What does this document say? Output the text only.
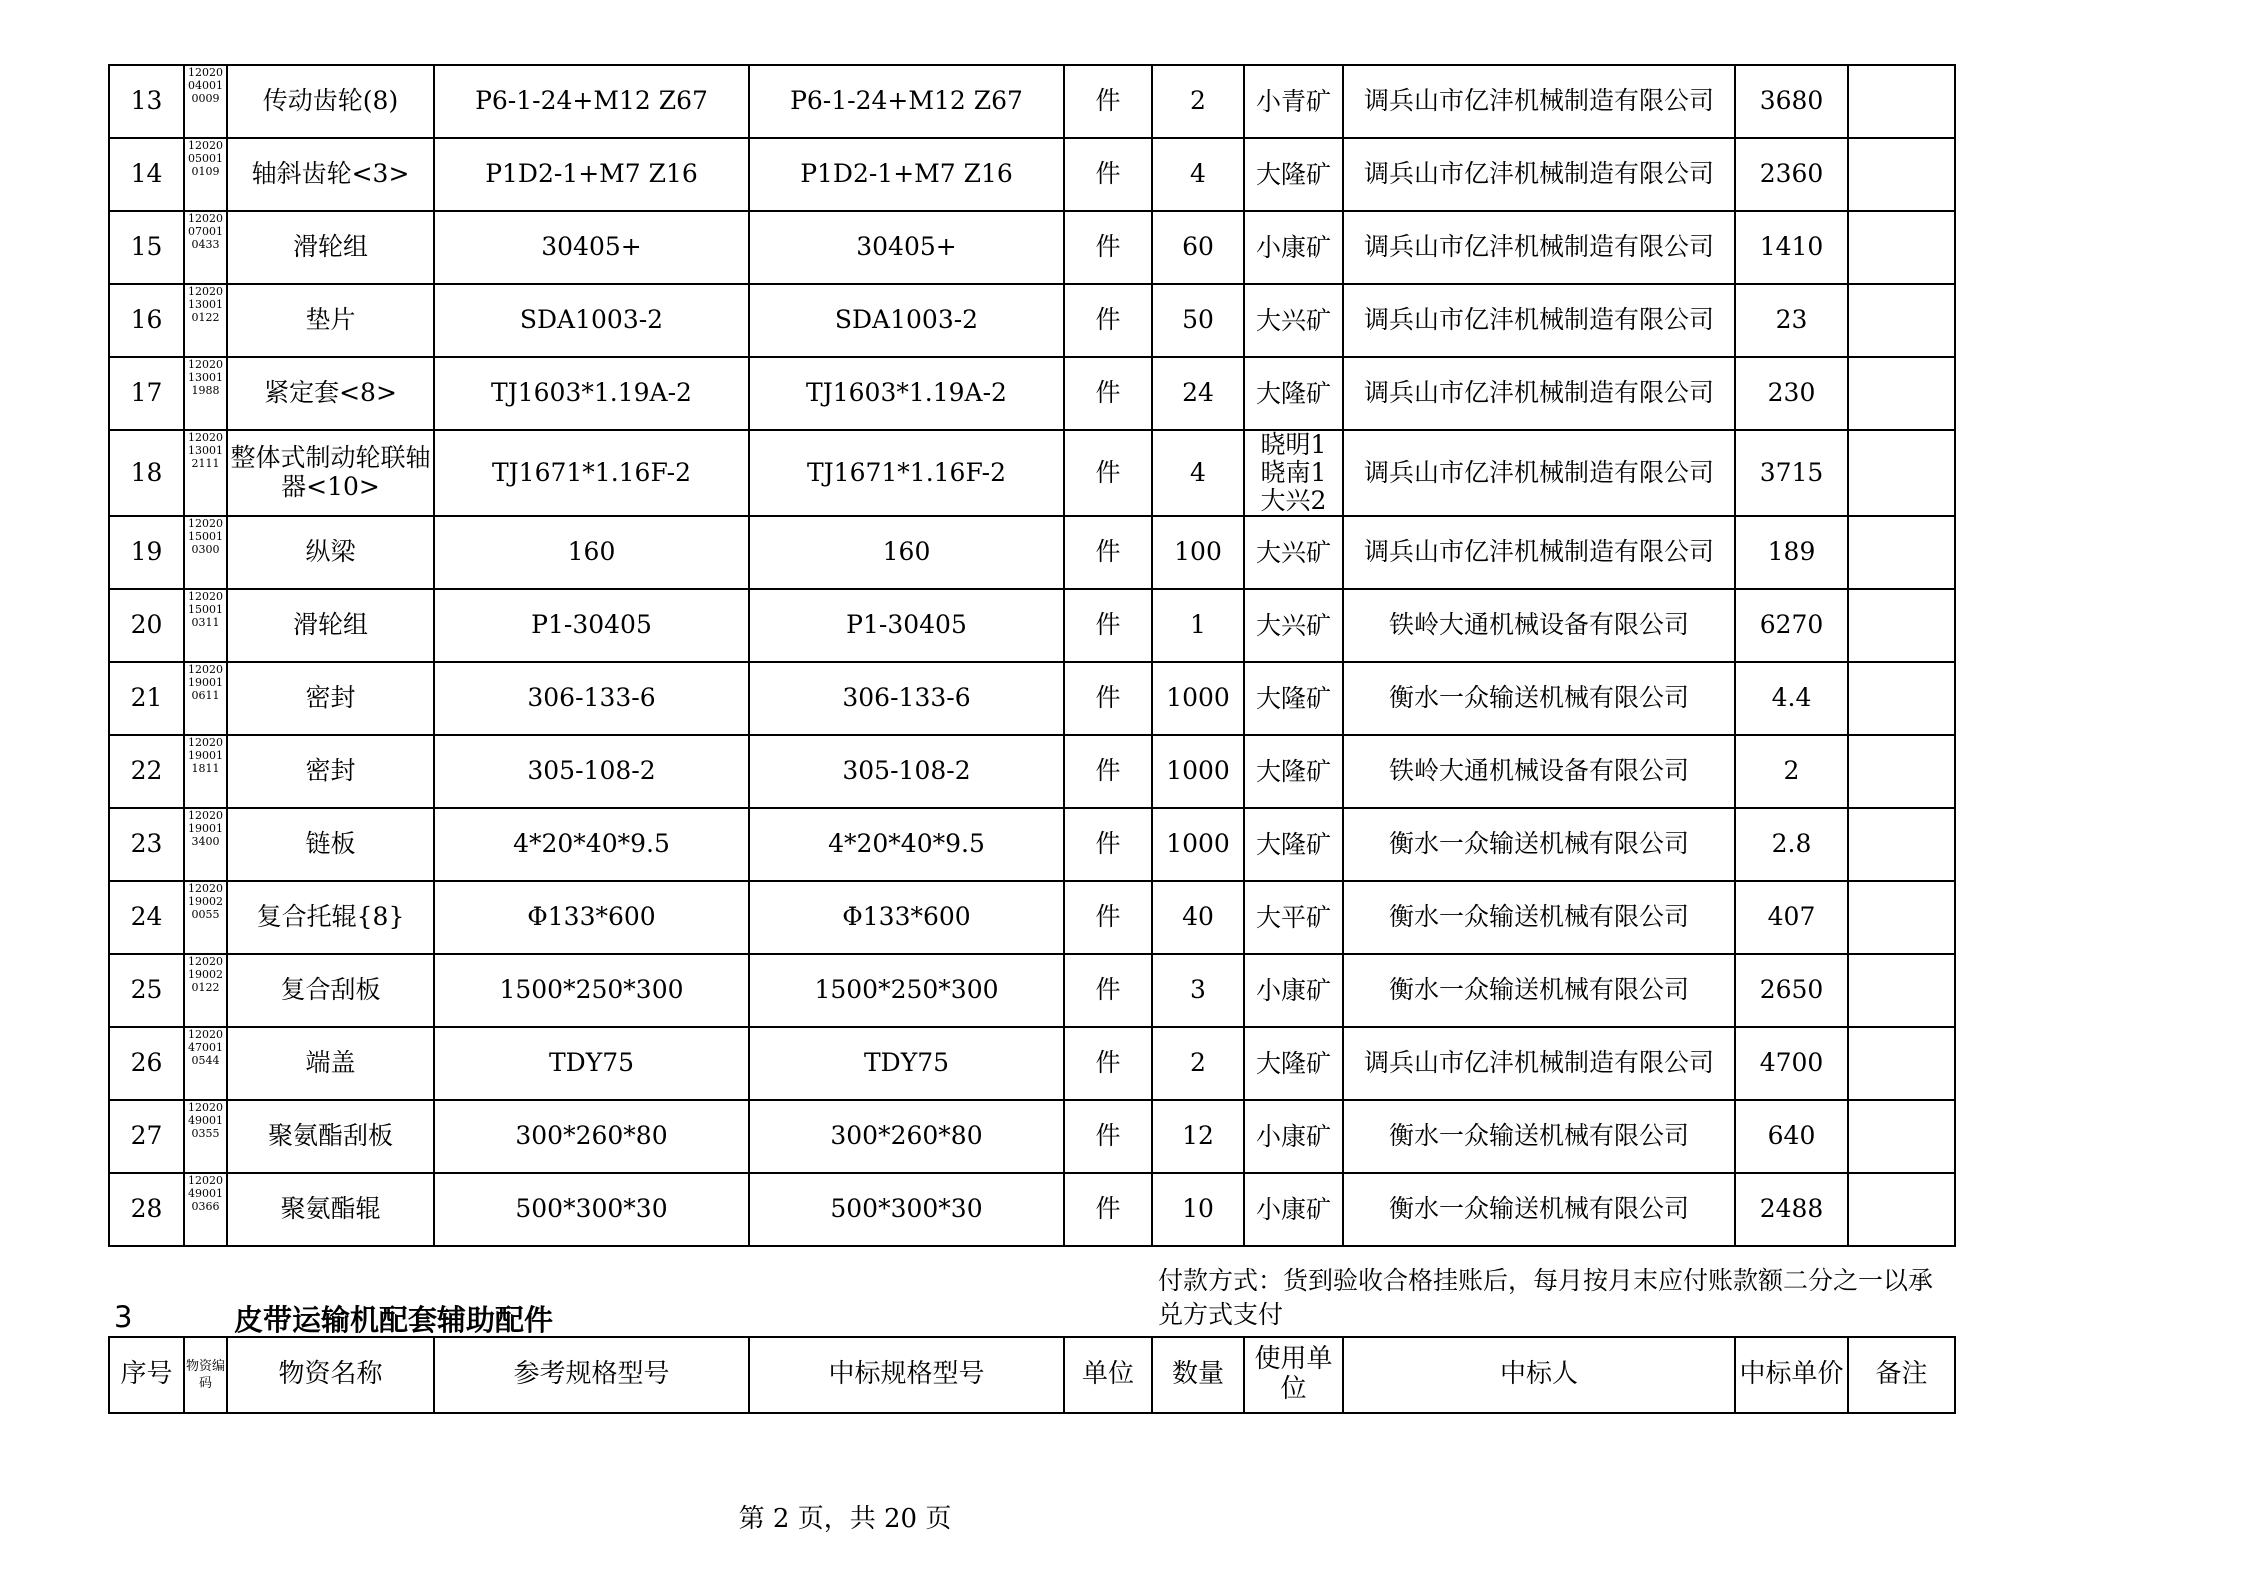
13	12020040010009	传动齿轮(8)	P6-1-24+M12 Z67	P6-1-24+M12 Z67	件	2	小青矿	调兵山市亿沣机械制造有限公司	3680	
14	12020050010109	轴斜齿轮<3>	P1D2-1+M7 Z16	P1D2-1+M7 Z16	件	4	大隆矿	调兵山市亿沣机械制造有限公司	2360	
15	12020070010433	滑轮组	30405+	30405+	件	60	小康矿	调兵山市亿沣机械制造有限公司	1410	
16	12020130010122	垫片	SDA1003-2	SDA1003-2	件	50	大兴矿	调兵山市亿沣机械制造有限公司	23	
17	12020130011988	紧定套<8>	TJ1603*1.19A-2	TJ1603*1.19A-2	件	24	大隆矿	调兵山市亿沣机械制造有限公司	230	
18	12020130012111	整体式制动轮联轴器<10>	TJ1671*1.16F-2	TJ1671*1.16F-2	件	4	晓明1 晓南1 大兴2	调兵山市亿沣机械制造有限公司	3715	
19	12020150010300	纵梁	160	160	件	100	大兴矿	调兵山市亿沣机械制造有限公司	189	
20	12020150010311	滑轮组	P1-30405	P1-30405	件	1	大兴矿	铁岭大通机械设备有限公司	6270	
21	12020190010611	密封	306-133-6	306-133-6	件	1000	大隆矿	衡水一众输送机械有限公司	4.4	
22	12020190011811	密封	305-108-2	305-108-2	件	1000	大隆矿	铁岭大通机械设备有限公司	2	
23	12020190013400	链板	4*20*40*9.5	4*20*40*9.5	件	1000	大隆矿	衡水一众输送机械有限公司	2.8	
24	12020190020055	复合托辊{8}	Φ133*600	Φ133*600	件	40	大平矿	衡水一众输送机械有限公司	407	
25	12020190020122	复合刮板	1500*250*300	1500*250*300	件	3	小康矿	衡水一众输送机械有限公司	2650	
26	12020470010544	端盖	TDY75	TDY75	件	2	大隆矿	调兵山市亿沣机械制造有限公司	4700	
27	12020490010355	聚氨酯刮板	300*260*80	300*260*80	件	12	小康矿	衡水一众输送机械有限公司	640	
28	12020490010366	聚氨酯辊	500*300*30	500*300*30	件	10	小康矿	衡水一众输送机械有限公司	2488	
3	皮带运输机配套辅助配件
付款方式：货到验收合格挂账后，每月按月末应付账款额二分之一以承兑方式支付
序号	物资编码	物资名称	参考规格型号	中标规格型号	单位	数量	使用单位	中标人	中标单价	备注
第 2 页，共 20 页
